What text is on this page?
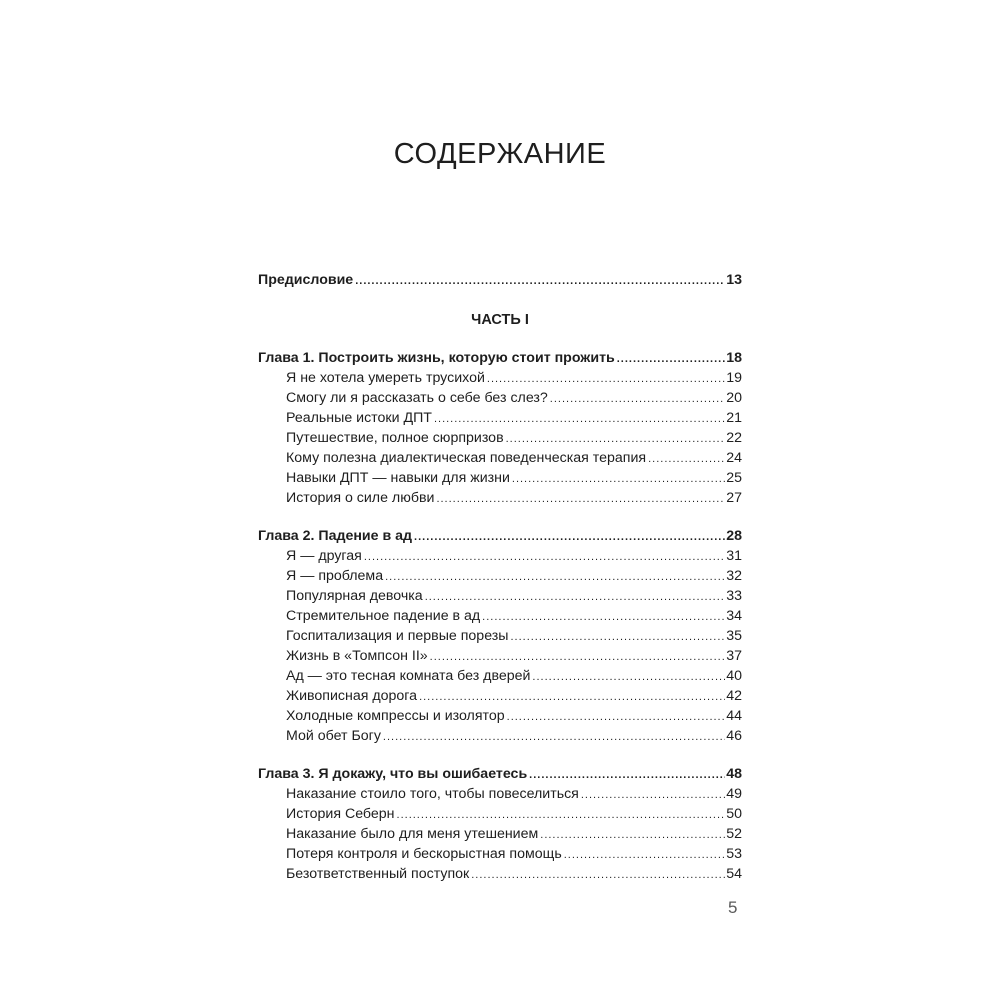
СОДЕРЖАНИЕ
Предисловие .....	13
ЧАСТЬ I
Глава 1. Построить жизнь, которую стоит прожить .....	18
Я не хотела умереть трусихой .....	19
Смогу ли я рассказать о себе без слез? .....	20
Реальные истоки ДПТ .....	21
Путешествие, полное сюрпризов .....	22
Кому полезна диалектическая поведенческая терапия .....	24
Навыки ДПТ — навыки для жизни .....	25
История о силе любви .....	27
Глава 2. Падение в ад .....	28
Я — другая .....	31
Я — проблема .....	32
Популярная девочка .....	33
Стремительное падение в ад .....	34
Госпитализация и первые порезы .....	35
Жизнь в «Томпсон II» .....	37
Ад — это тесная комната без дверей .....	40
Живописная дорога .....	42
Холодные компрессы и изолятор .....	44
Мой обет Богу .....	46
Глава 3. Я докажу, что вы ошибаетесь .....	48
Наказание стоило того, чтобы повеселиться .....	49
История Себерн .....	50
Наказание было для меня утешением .....	52
Потеря контроля и бескорыстная помощь .....	53
Безответственный поступок .....	54
5
